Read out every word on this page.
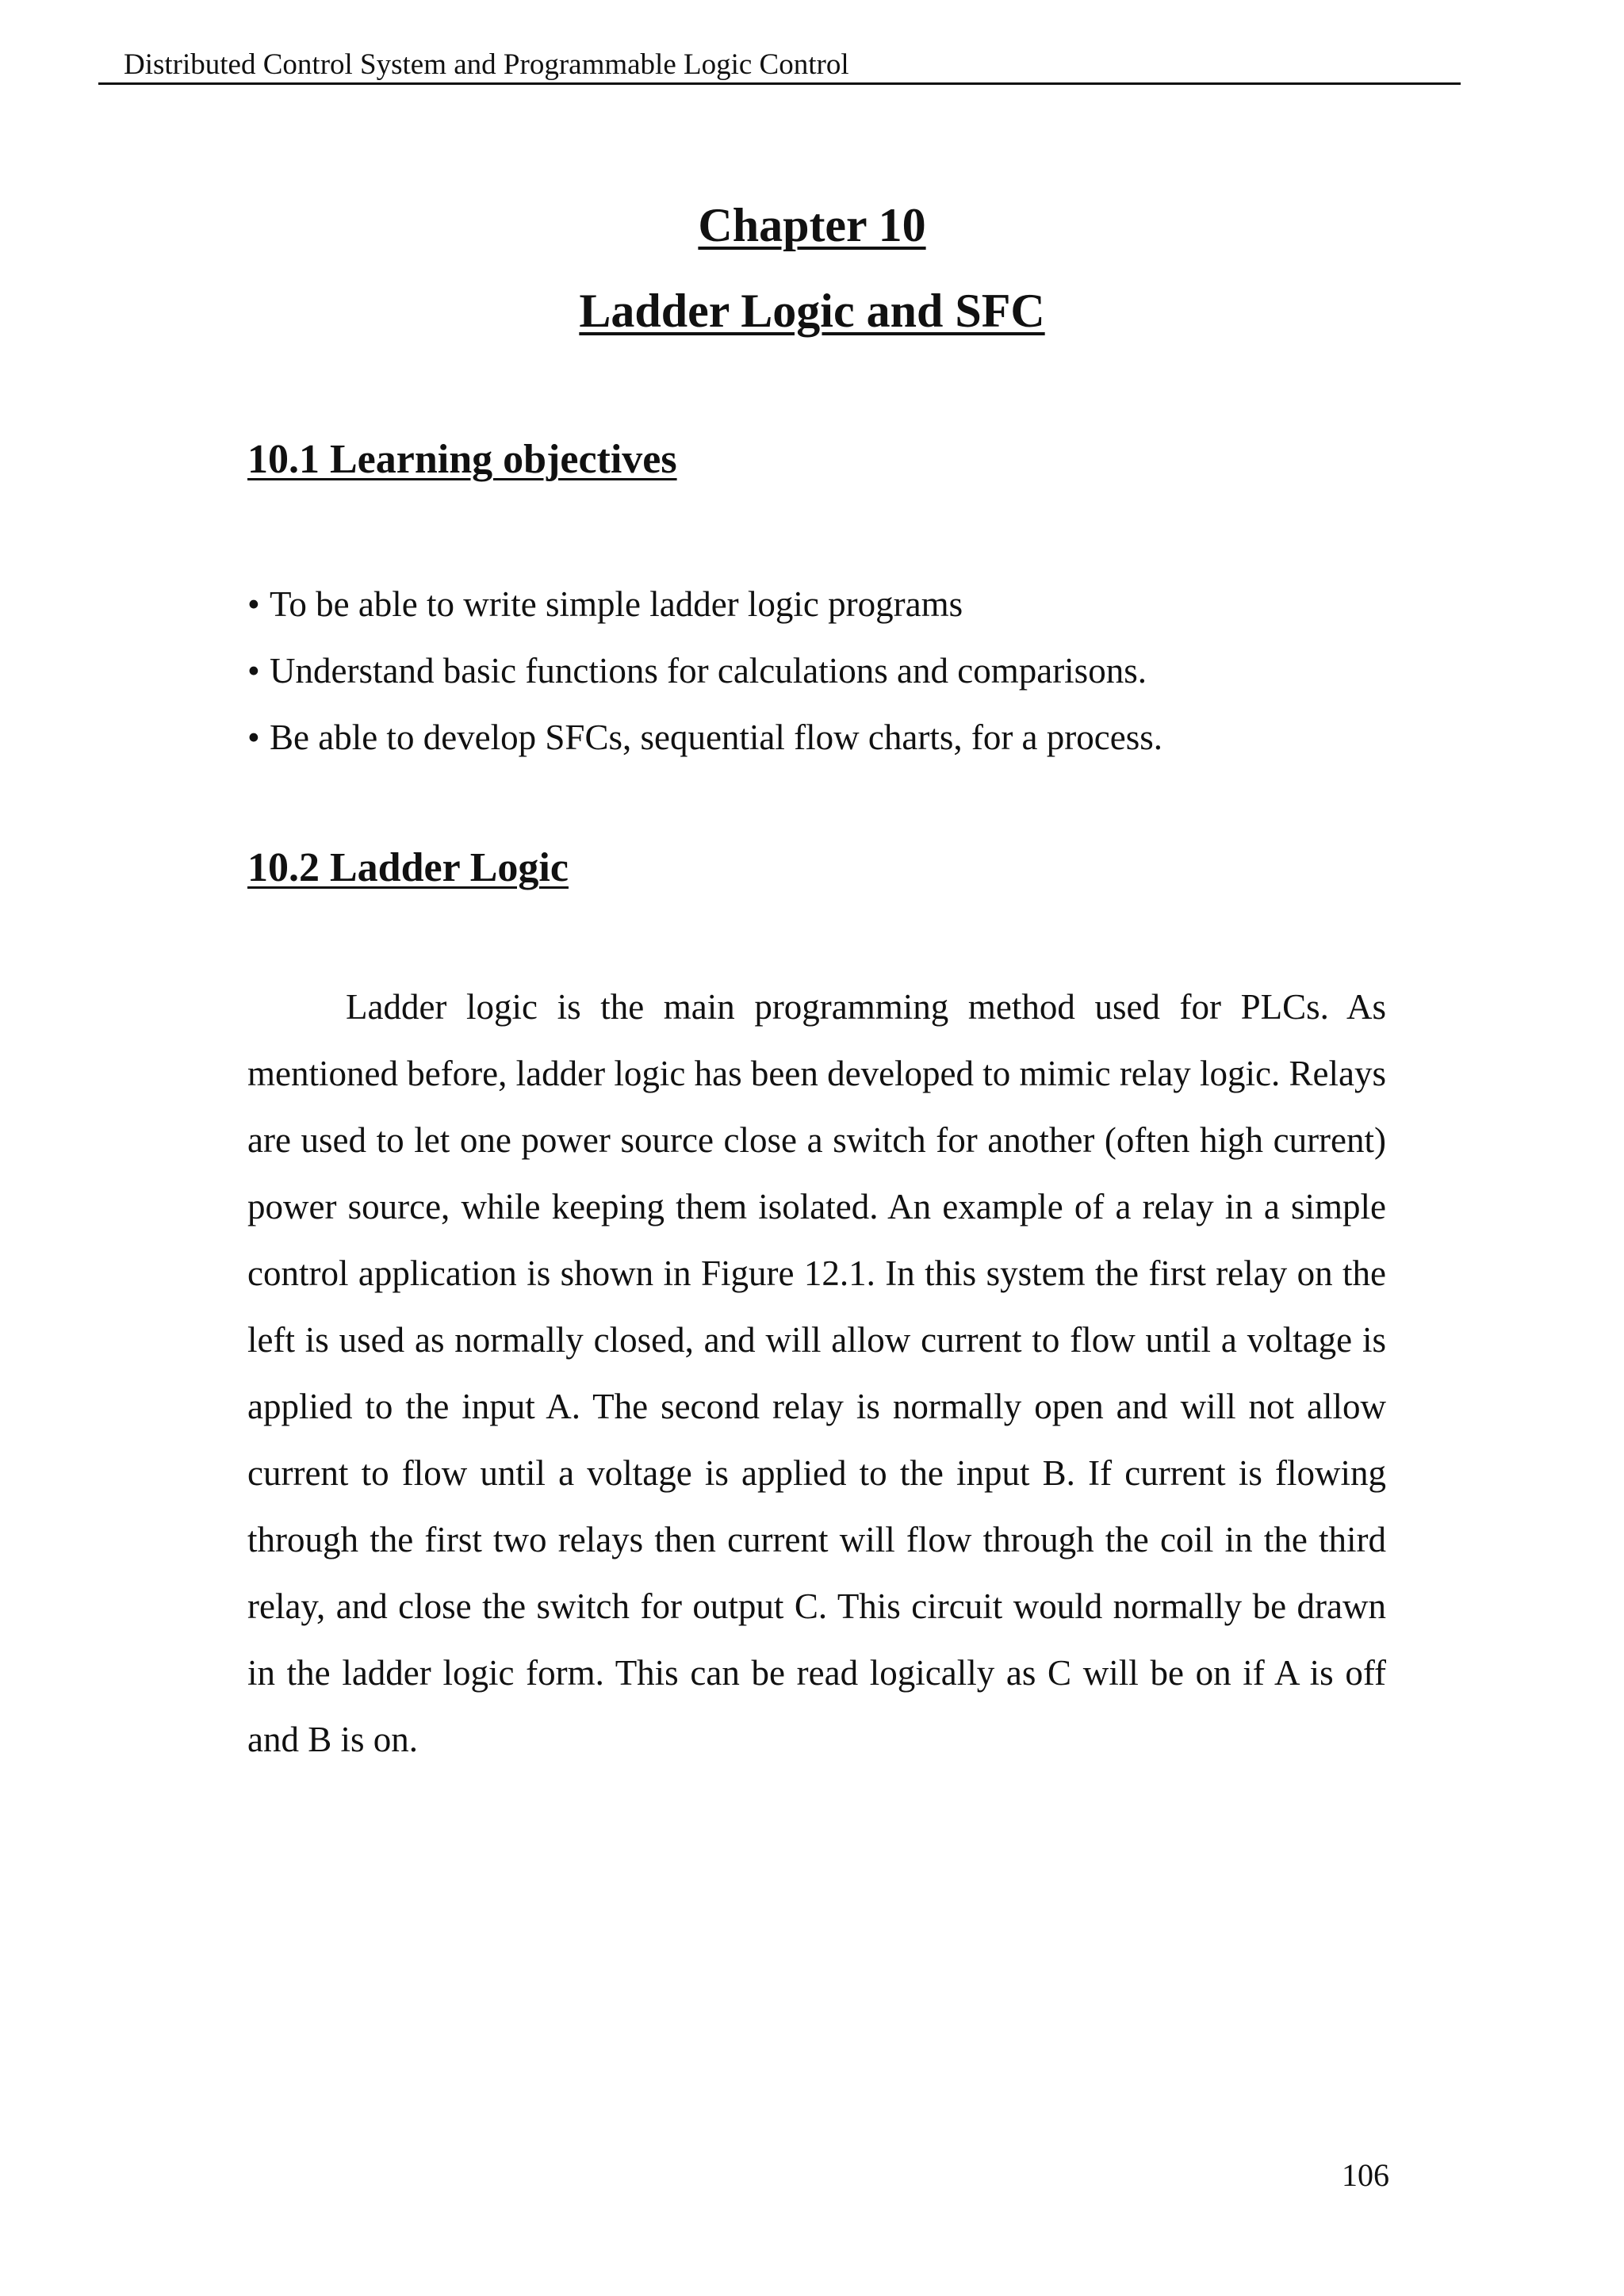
Distributed Control System and Programmable Logic Control
Chapter 10
Ladder Logic and SFC
10.1 Learning objectives
• To be able to write simple ladder logic programs
• Understand basic functions for calculations and comparisons.
• Be able to develop SFCs, sequential flow charts, for a process.
10.2 Ladder Logic

Ladder logic is the main programming method used for PLCs. As mentioned before, ladder logic has been developed to mimic relay logic. Relays are used to let one power source close a switch for another (often high current) power source, while keeping them isolated. An example of a relay in a simple control application is shown in Figure 12.1. In this system the first relay on the left is used as normally closed, and will allow current to flow until a voltage is applied to the input A. The second relay is normally open and will not allow current to flow until a voltage is applied to the input B. If current is flowing through the first two relays then current will flow through the coil in the third relay, and close the switch for output C. This circuit would normally be drawn in the ladder logic form. This can be read logically as C will be on if A is off and B is on.

106
